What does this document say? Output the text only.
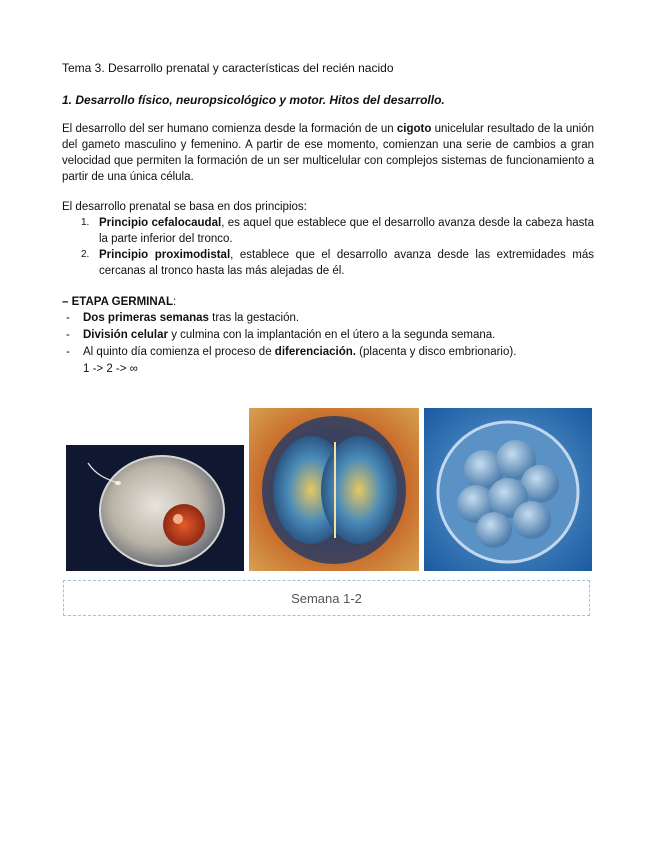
Tema 3. Desarrollo prenatal y características del recién nacido
1. Desarrollo físico, neuropsicológico y motor. Hitos del desarrollo.

El desarrollo del ser humano comienza desde la formación de un cigoto unicelular resultado de la unión del gameto masculino y femenino. A partir de ese momento, comienzan una serie de cambios a gran velocidad que permiten la formación de un ser multicelular con complejos sistemas de funcionamiento a partir de una única célula.

El desarrollo prenatal se basa en dos principios:

1. Principio cefalocaudal, es aquel que establece que el desarrollo avanza desde la cabeza hasta la parte inferior del tronco.
2. Principio proximodistal, establece que el desarrollo avanza desde las extremidades más cercanas al tronco hasta las más alejadas de él.
– ETAPA GERMINAL:
- Dos primeras semanas tras la gestación.
- División celular y culmina con la implantación en el útero a la segunda semana.
- Al quinto día comienza el proceso de diferenciación. (placenta y disco embrionario).
1 -> 2 -> ∞
Semana 1-2
